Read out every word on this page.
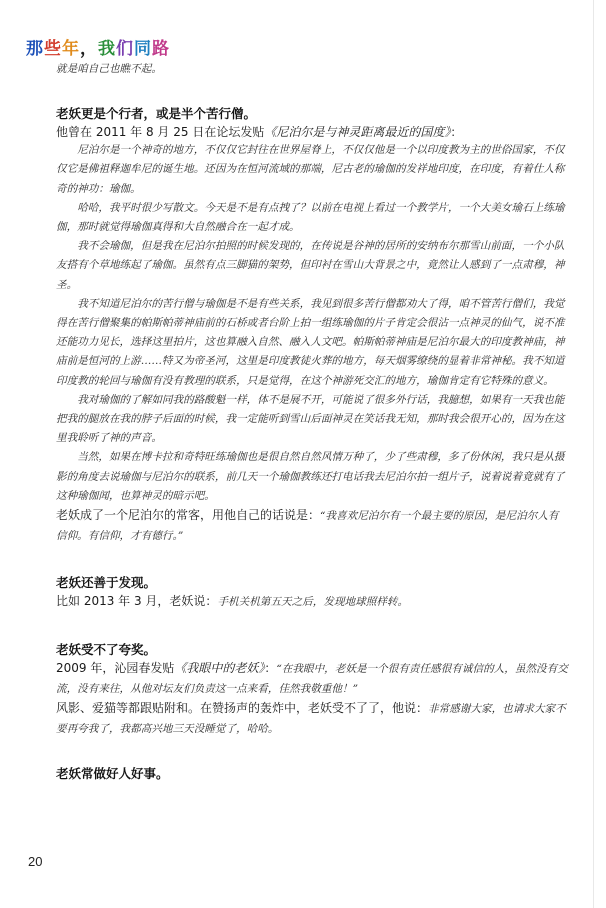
那些年，我们同路

就是咱自己也瞧不起。

老妖更是个行者，或是半个苦行僧。

他曾在 2011 年 8 月 25 日在论坛发贴《尼泊尔是与神灵距离最近的国度》：

尼泊尔是一个神奇的地方，不仅仅它封往在世界屋脊上，不仅仅他是一个以印度教为主的世俗国家，不仅仅它是佛祖释迦牟尼的诞生地。还因为在恒河流域的那端，尼古老的瑜伽的发祥地印度，在印度，有着仕人称奇的神功：瑜伽。

哈哈，我平时很少写散文。今天是不是有点拽了？以前在电视上看过一个教学片，一个大美女瑜石上练瑜伽，那时就觉得瑜伽真得和大自然融合在一起才成。

我不会瑜伽，但是我在尼泊尔拍照的时候发现的，在传说是谷神的居所的安纳布尔那雪山前面，一个小队友搭有个草地练起了瑜伽。虽然有点三脚猫的架势，但印衬在雪山大背景之中，竟然让人感到了一点肃穆，神圣。

我不知道尼泊尔的苦行僧与瑜伽是不是有些关系，我见到很多苦行僧都劝大了得，咱不管苦行僧们，我觉得在苦行僧聚集的帕斯帕蒂神庙前的石桥或者台阶上拍一组练瑜伽的片子肯定会很沾一点神灵的仙气，说不准还能功力见长，选择这里拍片，这也算融入自然、融入人文吧。帕斯帕蒂神庙是尼泊尔最大的印度教神庙，神庙前是恒河的上游……特又为帝圣河，这里是印度教徒火葬的地方，每天烟雾缭绕的显着非常神秘。我不知道印度教的轮回与瑜伽有没有教理的联系，只是觉得，在这个神游死交汇的地方，瑜伽肯定有它特殊的意义。

我对瑜伽的了解如同我的路酸魁一样，体不是展不开，可能说了很多外行话，我臆想，如果有一天我也能把我的腿放在我的脖子后面的时候，我一定能听到雪山后面神灵在笑话我无知，那时我会很开心的，因为在这里我聆听了神的声音。

当然，如果在博卡拉和奇特旺练瑜伽也是很自然自然风情万种了，少了些肃穆，多了份休闲，我只是从摄影的角度去说瑜伽与尼泊尔的联系，前几天一个瑜伽教练还打电话我去尼泊尔拍一组片子，说着说着竟就有了这种瑜伽闻，也算神灵的暗示吧。

老妖成了一个尼泊尔的常客，用他自己的话说是：“我喜欢尼泊尔有一个最主要的原因，是尼泊尔人有信仰。有信仰，才有德行。”

老妖还善于发现。

比如 2013 年 3 月，老妖说：手机关机第五天之后，发现地球照样转。

老妖受不了夸奖。

2009 年，沁园春发贴《我眼中的老妖》：“在我眼中，老妖是一个很有责任感很有诚信的人，虽然没有交流，没有来往，从他对坛友们负责这一点来看，佳然我敬重他！”

风影、爱猫等都跟贴附和。在赞扬声的轰炸中，老妖受不了了，他说：非常感谢大家，也请求大家不要再夸我了，我都高兴地三天没睡觉了，哈哈。

老妖常做好人好事。

20
